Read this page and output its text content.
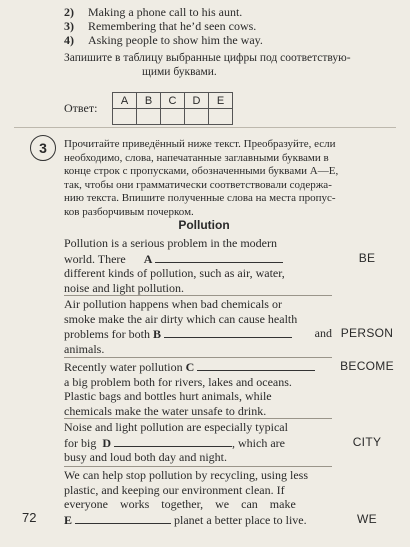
2) Making a phone call to his aunt.
3) Remembering that he’d seen cows.
4) Asking people to show him the way.
Запишите в таблицу выбранные цифры под соответствую-
щими буквами.
Ответ:
A	B	C	D	E

3	Прочитайте приведённый ниже текст. Преобразуйте, если
необходимо, слова, напечатанные заглавными буквами в
конце строк с пропусками, обозначенными буквами A—E,
так, чтобы они грамматически соответствовали содержа-
нию текста. Впишите полученные слова на места пропус-
ков разборчивым почерком.
Pollution
Pollution is a serious problem in the modern
world. There A
different kinds of pollution, such as air, water,
noise and light pollution.
BE
Air pollution happens when bad chemicals or
smoke make the air dirty which can cause health
problems for both B	and
animals.
PERSON
Recently water pollution C
a big problem both for rivers, lakes and oceans.
Plastic bags and bottles hurt animals, while
chemicals make the water unsafe to drink.
BECOME
Noise and light pollution are especially typical
for big D	, which are
busy and loud both day and night.
CITY
We can help stop pollution by recycling, using less
plastic, and keeping our environment clean. If
everyone    works    together,    we    can    make
E	planet a better place to live.	WE
72
